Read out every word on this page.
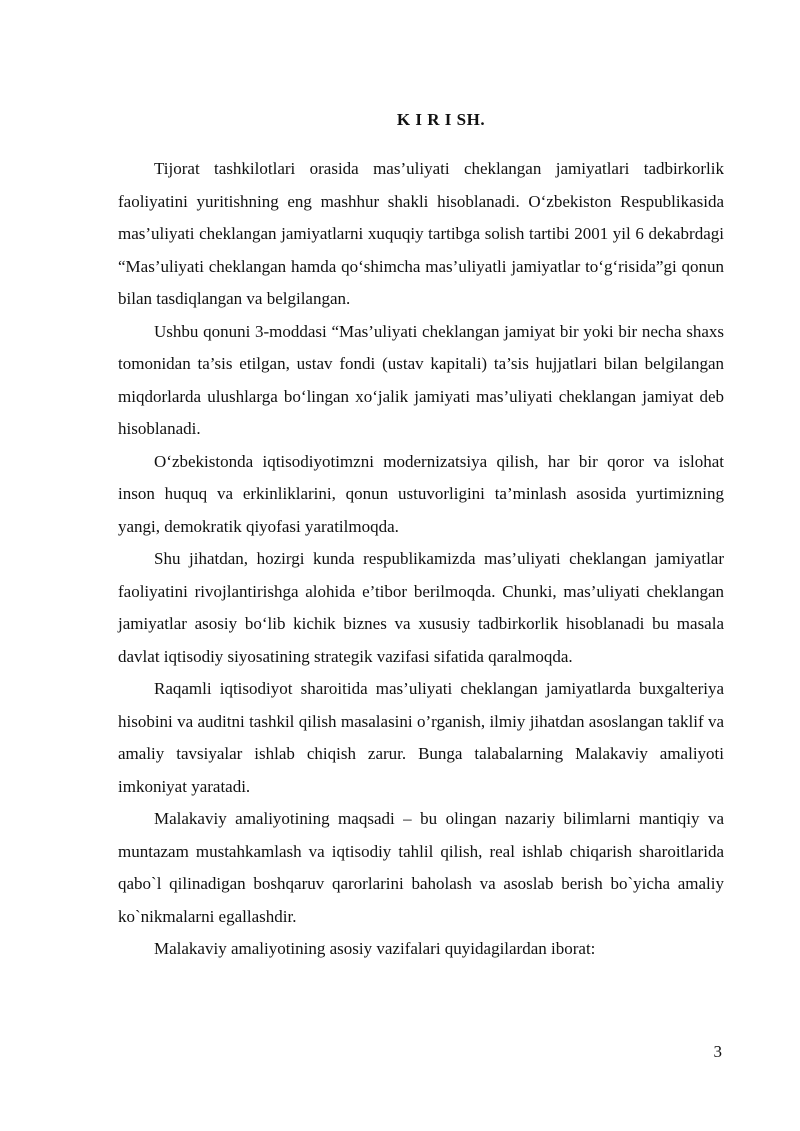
K I R I SH.

Tijorat tashkilotlari orasida mas’uliyati cheklangan jamiyatlari tadbirkorlik faoliyatini yuritishning eng mashhur shakli hisoblanadi. O‘zbekiston Respublikasida mas’uliyati cheklangan jamiyatlarni xuquqiy tartibga solish tartibi 2001 yil 6 dekabrdagi “Mas’uliyati cheklangan hamda qo‘shimcha mas’uliyatli jamiyatlar to‘g‘risida”gi qonun bilan tasdiqlangan va belgilangan.

Ushbu qonuni 3-moddasi “Mas’uliyati cheklangan jamiyat bir yoki bir necha shaxs tomonidan ta’sis etilgan, ustav fondi (ustav kapitali) ta’sis hujjatlari bilan belgilangan miqdorlarda ulushlarga bo‘lingan xo‘jalik jamiyati mas’uliyati cheklangan jamiyat deb hisoblanadi.

O‘zbekistonda iqtisodiyotimzni modernizatsiya qilish, har bir qoror va islohat inson huquq va erkinliklarini, qonun ustuvorligini ta’minlash asosida yurtimizning yangi, demokratik qiyofasi yaratilmoqda.

Shu jihatdan, hozirgi kunda respublikamizda mas’uliyati cheklangan jamiyatlar faoliyatini rivojlantirishga alohida e’tibor berilmoqda. Chunki, mas’uliyati cheklangan jamiyatlar asosiy bo‘lib kichik biznes va xususiy tadbirkorlik hisoblanadi bu masala davlat iqtisodiy siyosatining strategik vazifasi sifatida qaralmoqda.

Raqamli iqtisodiyot sharoitida mas’uliyati cheklangan jamiyatlarda buxgalteriya hisobini va auditni tashkil qilish masalasini o’rganish, ilmiy jihatdan asoslangan taklif va amaliy tavsiyalar ishlab chiqish zarur. Bunga talabalarning Malakaviy amaliyoti imkoniyat yaratadi.

Malakaviy amaliyotining maqsadi – bu olingan nazariy bilimlarni mantiqiy va muntazam mustahkamlash va iqtisodiy tahlil qilish, real ishlab chiqarish sharoitlarida qabo`l qilinadigan boshqaruv qarorlarini baholash va asoslab berish bo`yicha amaliy ko`nikmalarni egallashdir.

Malakaviy amaliyotining asosiy vazifalari quyidagilardan iborat:

3
